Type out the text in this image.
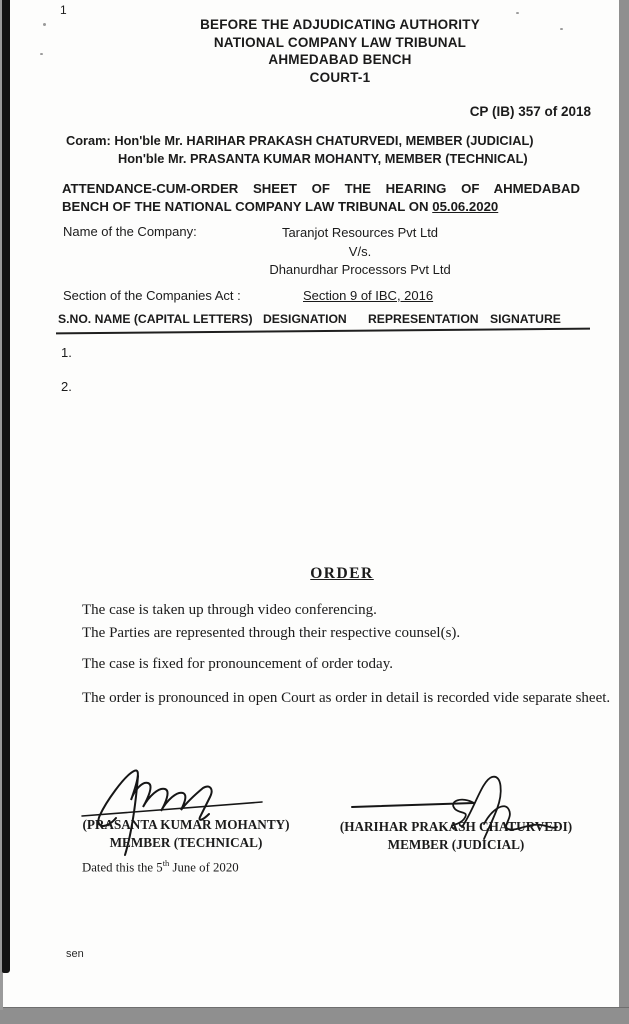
1
BEFORE THE ADJUDICATING AUTHORITY
NATIONAL COMPANY LAW TRIBUNAL
AHMEDABAD BENCH
COURT-1
CP (IB) 357 of 2018
Coram: Hon'ble Mr. HARIHAR PRAKASH CHATURVEDI, MEMBER (JUDICIAL)
Hon'ble Mr. PRASANTA KUMAR MOHANTY, MEMBER (TECHNICAL)
ATTENDANCE-CUM-ORDER SHEET OF THE HEARING OF AHMEDABAD
BENCH OF THE NATIONAL COMPANY LAW TRIBUNAL ON 05.06.2020
Name of the Company:	Taranjot Resources Pvt Ltd
V/s.
Dhanurdhar Processors Pvt Ltd
Section of the Companies Act :	Section 9 of IBC, 2016
S.NO. NAME (CAPITAL LETTERS) DESIGNATION REPRESENTATION SIGNATURE
1.
2.
ORDER
The case is taken up through video conferencing.
The Parties are represented through their respective counsel(s).
The case is fixed for pronouncement of order today.
The order is pronounced in open Court as order in detail is recorded vide separate sheet.
(PRASANTA KUMAR MOHANTY)
MEMBER (TECHNICAL)
(HARIHAR PRAKASH CHATURVEDI)
MEMBER (JUDICIAL)
Dated this the 5th June of 2020
sen
